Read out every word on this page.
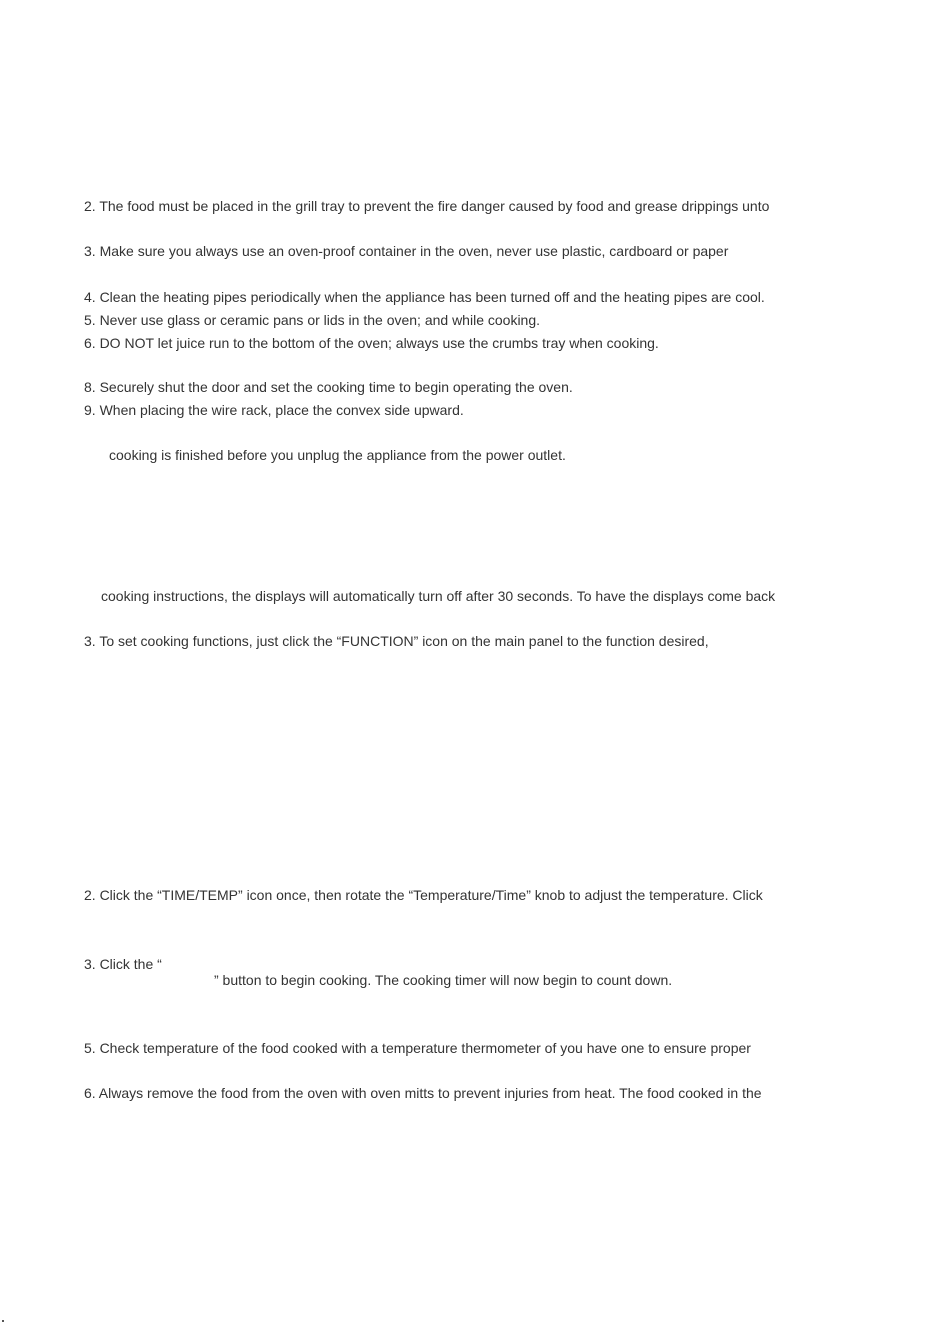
2. The food must be placed in the grill tray to prevent the fire danger caused by food and grease drippings unto
3. Make sure you always use an oven-proof container in the oven, never use plastic, cardboard or paper
4. Clean the heating pipes periodically when the appliance has been turned off and the heating pipes are cool.
5. Never use glass or ceramic pans or lids in the oven; and while cooking.
6. DO NOT let juice run to the bottom of the oven; always use the crumbs tray when cooking.
8. Securely shut the door and set the cooking time to begin operating the oven.
9. When placing the wire rack, place the convex side upward.
cooking is finished before you unplug the appliance from the power outlet.
cooking instructions, the displays will automatically turn off after 30 seconds. To have the displays come back
3. To set cooking functions, just click the “FUNCTION” icon on the main panel to the function desired,
2. Click the “TIME/TEMP” icon once, then rotate the “Temperature/Time” knob to adjust the temperature. Click
3. Click the “
” button to begin cooking. The cooking timer will now begin to count down.
5. Check temperature of the food cooked with a temperature thermometer of you have one to ensure proper
6. Always remove the food from the oven with oven mitts to prevent injuries from heat. The food cooked in the
